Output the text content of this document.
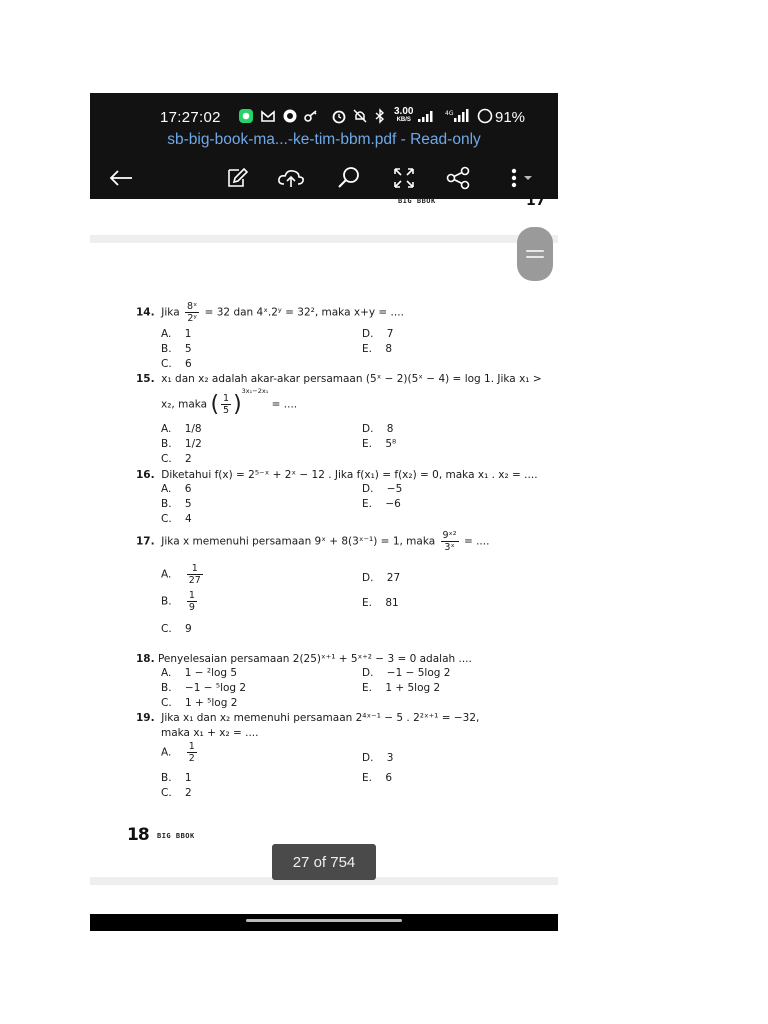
17:27:02	3.00
KB/S
4G	91%
sb-big-book-ma...-ke-tim-bbm.pdf - Read-only
BIG BBOK	17
14. Jika $\frac{\text{8ˣ}}{\text{2ʸ}} = 32$ dan 4ˣ.2ʸ = 32², maka x+y = ....
A. 1
B. 5
C. 6
D. 7
E. 8
15. x₁ dan x₂ adalah akar-akar persamaan (5ˣ − 2)(5ˣ − 4) = log 1. Jika x₁ >
x₂, maka ( $\frac{1}{5} )^{3x_1-2x_1}$ = ....
A. 1/8
B. 1/2
C. 2
D. 8
E. 5⁸
16. Diketahui f(x) = 2⁵⁻ˣ + 2ˣ − 12 . Jika f(x₁) = f(x₂) = 0, maka x₁ . x₂ = ....
A. 6
B. 5
C. 4
D. −5
E. −6
17. Jika x memenuhi persamaan 9ˣ + 8(3ˣ⁻¹) = 1, maka $\frac{\text{9ˣ²}}{\text{3ˣ}}$ = ....
A. $\frac{1}{27}$
B. $\frac{1}{9}$
C. 9
D. 27
E. 81
18. Penyelesaian persamaan 2(25)ˣ⁺¹ + 5ˣ⁺² − 3 = 0 adalah ....
A. 1 − ²log 5
B. −1 − ⁵log 2
C. 1 + ⁵log 2
D. −1 − 5log 2
E. 1 + 5log 2
19. Jika x₁ dan x₂ memenuhi persamaan 2⁴ˣ⁻¹ − 5 . 2²ˣ⁺¹ = −32,
maka x₁ + x₂ = ....
A. $\frac{1}{2}$
B. 1
C. 2
D. 3
E. 6
18 BIG BBOK
27 of 754
